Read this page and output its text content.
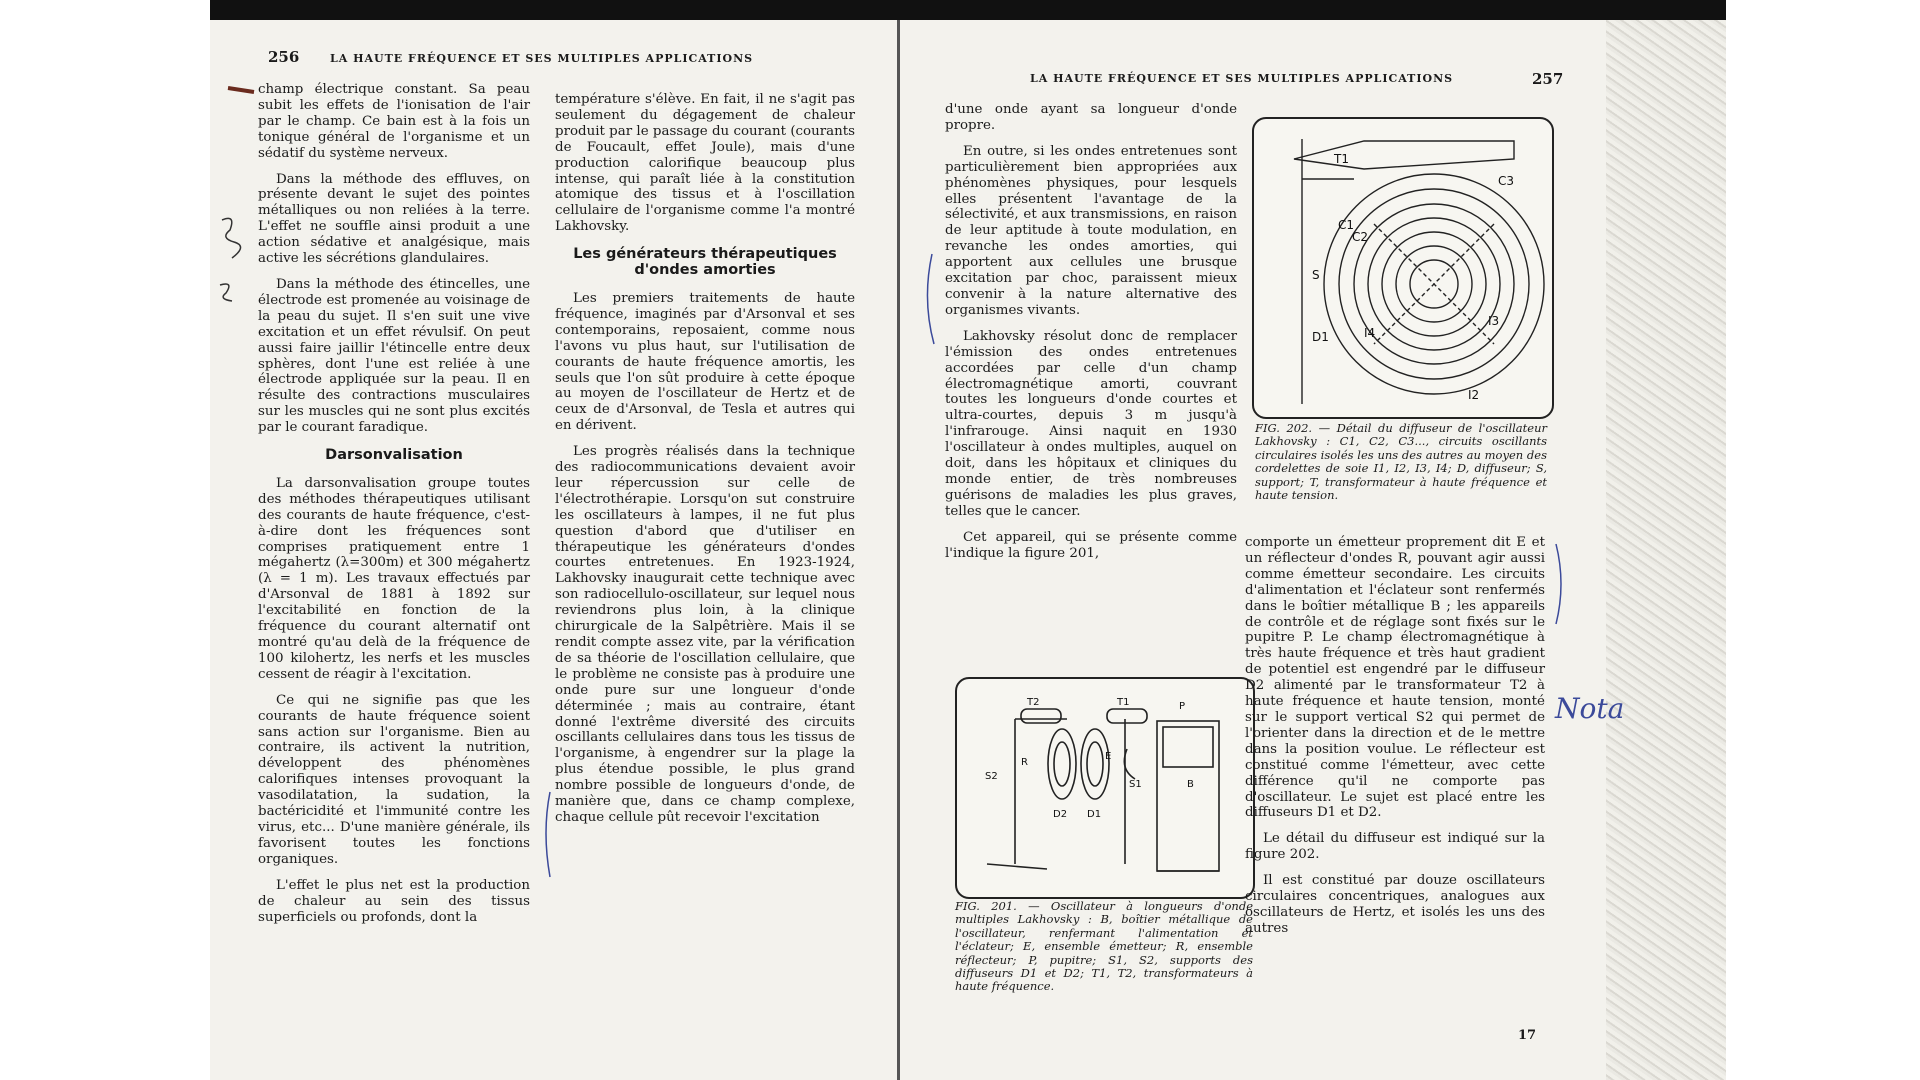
256	LA HAUTE FRÉQUENCE ET SES MULTIPLES APPLICATIONS

champ électrique constant. Sa peau subit les effets de l'ionisation de l'air par le champ. Ce bain est à la fois un tonique général de l'organisme et un sédatif du système nerveux.

Dans la méthode des effluves, on présente devant le sujet des pointes métalliques ou non reliées à la terre. L'effet ne souffle ainsi produit a une action sédative et analgésique, mais active les sécrétions glandulaires.

Dans la méthode des étincelles, une électrode est promenée au voisinage de la peau du sujet. Il s'en suit une vive excitation et un effet révulsif. On peut aussi faire jaillir l'étincelle entre deux sphères, dont l'une est reliée à une électrode appliquée sur la peau. Il en résulte des contractions musculaires sur les muscles qui ne sont plus excités par le courant faradique.

Darsonvalisation

La darsonvalisation groupe toutes des méthodes thérapeutiques utilisant des courants de haute fréquence, c'est-à-dire dont les fréquences sont comprises pratiquement entre 1 mégahertz (λ=300m) et 300 mégahertz (λ = 1 m). Les travaux effectués par d'Arsonval de 1881 à 1892 sur l'excitabilité en fonction de la fréquence du courant alternatif ont montré qu'au delà de la fréquence de 100 kilohertz, les nerfs et les muscles cessent de réagir à l'excitation.

Ce qui ne signifie pas que les courants de haute fréquence soient sans action sur l'organisme. Bien au contraire, ils activent la nutrition, développent des phénomènes calorifiques intenses provoquant la vasodilatation, la sudation, la bactéricidité et l'immunité contre les virus, etc... D'une manière générale, ils favorisent toutes les fonctions organiques.

L'effet le plus net est la production de chaleur au sein des tissus superficiels ou profonds, dont la

température s'élève. En fait, il ne s'agit pas seulement du dégagement de chaleur produit par le passage du courant (courants de Foucault, effet Joule), mais d'une production calorifique beaucoup plus intense, qui paraît liée à la constitution atomique des tissus et à l'oscillation cellulaire de l'organisme comme l'a montré Lakhovsky.

Les générateurs thérapeutiques d'ondes amorties

Les premiers traitements de haute fréquence, imaginés par d'Arsonval et ses contemporains, reposaient, comme nous l'avons vu plus haut, sur l'utilisation de courants de haute fréquence amortis, les seuls que l'on sût produire à cette époque au moyen de l'oscillateur de Hertz et de ceux de d'Arsonval, de Tesla et autres qui en dérivent.

Les progrès réalisés dans la technique des radiocommunications devaient avoir leur répercussion sur celle de l'électrothérapie. Lorsqu'on sut construire les oscillateurs à lampes, il ne fut plus question d'abord que d'utiliser en thérapeutique les générateurs d'ondes courtes entretenues. En 1923-1924, Lakhovsky inaugurait cette technique avec son radiocellulo-oscillateur, sur lequel nous reviendrons plus loin, à la clinique chirurgicale de la Salpêtrière. Mais il se rendit compte assez vite, par la vérification de sa théorie de l'oscillation cellulaire, que le problème ne consiste pas à produire une onde pure sur une longueur d'onde déterminée ; mais au contraire, étant donné l'extrême diversité des circuits oscillants cellulaires dans tous les tissus de l'organisme, à engendrer sur la plage la plus étendue possible, le plus grand nombre possible de longueurs d'onde, de manière que, dans ce champ complexe, chaque cellule pût recevoir l'excitation

LA HAUTE FRÉQUENCE ET SES MULTIPLES APPLICATIONS	257

d'une onde ayant sa longueur d'onde propre.

En outre, si les ondes entretenues sont particulièrement bien appropriées aux phénomènes physiques, pour lesquels elles présentent l'avantage de la sélectivité, et aux transmissions, en raison de leur aptitude à toute modulation, en revanche les ondes amorties, qui apportent aux cellules une brusque excitation par choc, paraissent mieux convenir à la nature alternative des organismes vivants.

Lakhovsky résolut donc de remplacer l'émission des ondes entretenues accordées par celle d'un champ électromagnétique amorti, couvrant toutes les longueurs d'onde courtes et ultra-courtes, depuis 3 m jusqu'à l'infrarouge. Ainsi naquit en 1930 l'oscillateur à ondes multiples, auquel on doit, dans les hôpitaux et cliniques du monde entier, de très nombreuses guérisons de maladies les plus graves, telles que le cancer.

Cet appareil, qui se présente comme l'indique la figure 201,

T2	T1	P
S2
R
D2 D1
S1
E
B
FIG. 201. — Oscillateur à longueurs d'onde multiples Lakhovsky : B, boîtier métallique de l'oscillateur, renfermant l'alimentation et l'éclateur; E, ensemble émetteur; R, ensemble réflecteur; P, pupitre; S1, S2, supports des diffuseurs D1 et D2; T1, T2, transformateurs à haute fréquence.
T1
C1
C2
C3
S
D1
I2
I3
I4
FIG. 202. — Détail du diffuseur de l'oscillateur Lakhovsky : C1, C2, C3..., circuits oscillants circulaires isolés les uns des autres au moyen des cordelettes de soie I1, I2, I3, I4; D, diffuseur; S, support; T, transformateur à haute fréquence et haute tension.

comporte un émetteur proprement dit E et un réflecteur d'ondes R, pouvant agir aussi comme émetteur secondaire. Les circuits d'alimentation et l'éclateur sont renfermés dans le boîtier métallique B ; les appareils de contrôle et de réglage sont fixés sur le pupitre P. Le champ électromagnétique à très haute fréquence et très haut gradient de potentiel est engendré par le diffuseur D2 alimenté par le transformateur T2 à haute fréquence et haute tension, monté sur le support vertical S2 qui permet de l'orienter dans la direction et de le mettre dans la position voulue. Le réflecteur est constitué comme l'émetteur, avec cette différence qu'il ne comporte pas d'oscillateur. Le sujet est placé entre les diffuseurs D1 et D2.

Le détail du diffuseur est indiqué sur la figure 202.

Il est constitué par douze oscillateurs circulaires concentriques, analogues aux oscillateurs de Hertz, et isolés les uns des autres

17
Nota
